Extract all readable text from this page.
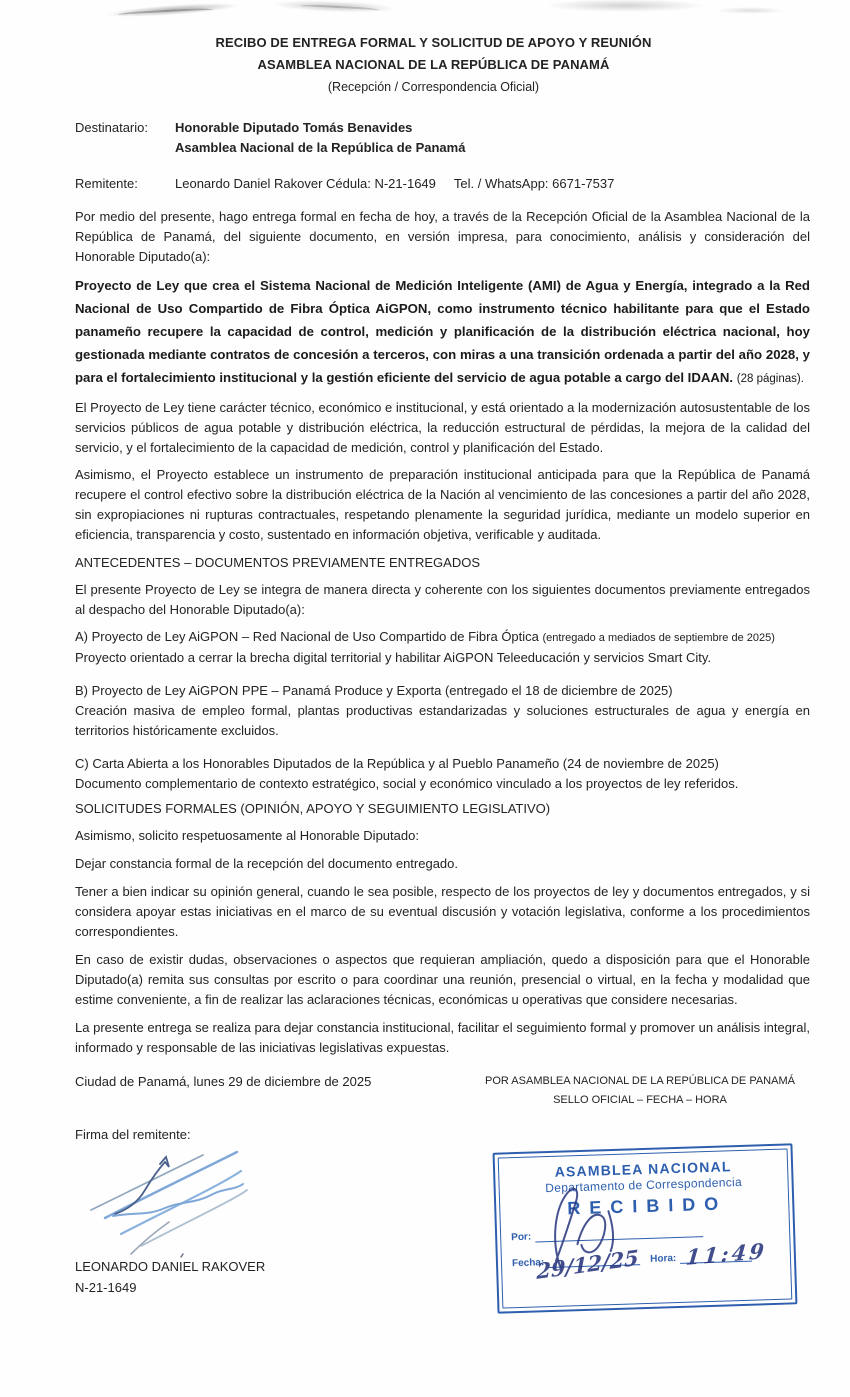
RECIBO DE ENTREGA FORMAL Y SOLICITUD DE APOYO Y REUNIÓN
ASAMBLEA NACIONAL DE LA REPÚBLICA DE PANAMÁ
(Recepción / Correspondencia Oficial)
Destinatario:	Honorable Diputado Tomás Benavides
Asamblea Nacional de la República de Panamá
Remitente:	Leonardo Daniel Rakover Cédula: N-21-1649 Tel. / WhatsApp: 6671-7537

Por medio del presente, hago entrega formal en fecha de hoy, a través de la Recepción Oficial de la Asamblea Nacional de la República de Panamá, del siguiente documento, en versión impresa, para conocimiento, análisis y consideración del Honorable Diputado(a):

Proyecto de Ley que crea el Sistema Nacional de Medición Inteligente (AMI) de Agua y Energía, integrado a la Red Nacional de Uso Compartido de Fibra Óptica AiGPON, como instrumento técnico habilitante para que el Estado panameño recupere la capacidad de control, medición y planificación de la distribución eléctrica nacional, hoy gestionada mediante contratos de concesión a terceros, con miras a una transición ordenada a partir del año 2028, y para el fortalecimiento institucional y la gestión eficiente del servicio de agua potable a cargo del IDAAN. (28 páginas).

El Proyecto de Ley tiene carácter técnico, económico e institucional, y está orientado a la modernización autosustentable de los servicios públicos de agua potable y distribución eléctrica, la reducción estructural de pérdidas, la mejora de la calidad del servicio, y el fortalecimiento de la capacidad de medición, control y planificación del Estado.

Asimismo, el Proyecto establece un instrumento de preparación institucional anticipada para que la República de Panamá recupere el control efectivo sobre la distribución eléctrica de la Nación al vencimiento de las concesiones a partir del año 2028, sin expropiaciones ni rupturas contractuales, respetando plenamente la seguridad jurídica, mediante un modelo superior en eficiencia, transparencia y costo, sustentado en información objetiva, verificable y auditada.

ANTECEDENTES – DOCUMENTOS PREVIAMENTE ENTREGADOS

El presente Proyecto de Ley se integra de manera directa y coherente con los siguientes documentos previamente entregados al despacho del Honorable Diputado(a):

A) Proyecto de Ley AiGPON – Red Nacional de Uso Compartido de Fibra Óptica (entregado a mediados de septiembre de 2025)
Proyecto orientado a cerrar la brecha digital territorial y habilitar AiGPON Teleeducación y servicios Smart City.
B) Proyecto de Ley AiGPON PPE – Panamá Produce y Exporta (entregado el 18 de diciembre de 2025)
Creación masiva de empleo formal, plantas productivas estandarizadas y soluciones estructurales de agua y energía en territorios históricamente excluidos.
C) Carta Abierta a los Honorables Diputados de la República y al Pueblo Panameño (24 de noviembre de 2025)
Documento complementario de contexto estratégico, social y económico vinculado a los proyectos de ley referidos.

SOLICITUDES FORMALES (OPINIÓN, APOYO Y SEGUIMIENTO LEGISLATIVO)

Asimismo, solicito respetuosamente al Honorable Diputado:

Dejar constancia formal de la recepción del documento entregado.

Tener a bien indicar su opinión general, cuando le sea posible, respecto de los proyectos de ley y documentos entregados, y si considera apoyar estas iniciativas en el marco de su eventual discusión y votación legislativa, conforme a los procedimientos correspondientes.

En caso de existir dudas, observaciones o aspectos que requieran ampliación, quedo a disposición para que el Honorable Diputado(a) remita sus consultas por escrito o para coordinar una reunión, presencial o virtual, en la fecha y modalidad que estime conveniente, a fin de realizar las aclaraciones técnicas, económicas u operativas que considere necesarias.

La presente entrega se realiza para dejar constancia institucional, facilitar el seguimiento formal y promover un análisis integral, informado y responsable de las iniciativas legislativas expuestas.

Ciudad de Panamá, lunes 29 de diciembre de 2025	POR ASAMBLEA NACIONAL DE LA REPÚBLICA DE PANAMÁ
SELLO OFICIAL – FECHA – HORA
Firma del remitente:
LEONARDO DANIEL RAKOVER
N-21-1649
ASAMBLEA NACIONAL
Departamento de Correspondencia
RECIBIDO
Por:
Fecha:	Hora:
29/12/25 11:49
